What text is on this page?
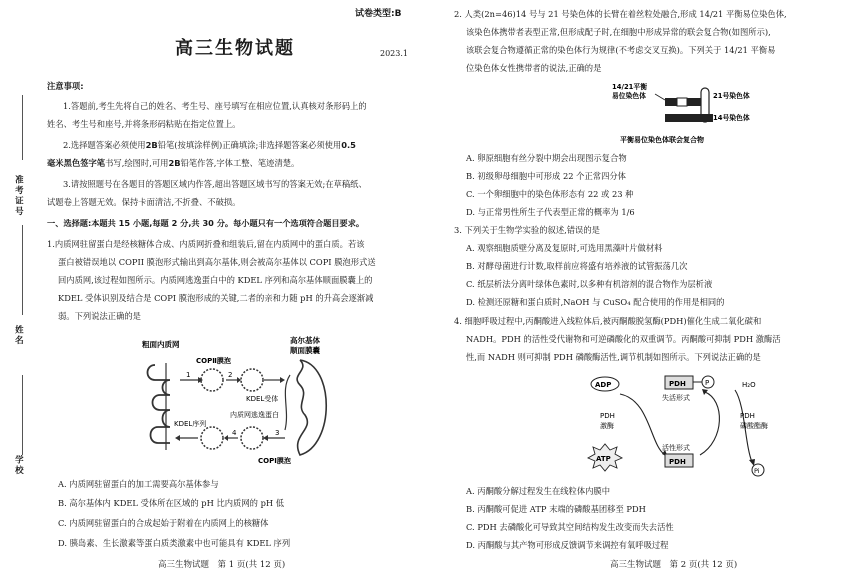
准考证号
姓名
学校
试卷类型:B
高三生物试题	2023.1
注意事项:
1.答题前,考生先将自己的姓名、考生号、座号填写在相应位置,认真核对条形码上的
姓名、考生号和座号,并将条形码粘贴在指定位置上。
2.选择题答案必须使用2B铅笔(按填涂样例)正确填涂;非选择题答案必须使用0.5
毫米黑色签字笔书写,绘图时,可用2B铅笔作答,字体工整、笔迹清楚。
3.请按照题号在各题目的答题区域内作答,超出答题区域书写的答案无效;在草稿纸、
试题卷上答题无效。保持卡面清洁,不折叠、不破损。
一、选择题:本题共 15 小题,每题 2 分,共 30 分。每小题只有一个选项符合题目要求。
1.内质网驻留蛋白是经核糖体合成、内质网折叠和组装后,留在内质网中的蛋白质。若该
蛋白被错误地以 COPII 膜泡形式输出到高尔基体,则会被高尔基体以 COPI 膜泡形式送
回内质网,该过程如图所示。内质网逃逸蛋白中的 KDEL 序列和高尔基体顺面膜囊上的
KDEL 受体识别及结合是 COPI 膜泡形成的关键,二者的亲和力随 pH 的升高会逐渐减
弱。下列说法正确的是
粗面内质网	高尔基体
顺面膜囊
COPⅡ膜泡
1	2
KDEL受体
内质网逃逸蛋白
KDEL序列
3
4
COPⅠ膜泡
A. 内质网驻留蛋白的加工需要高尔基体参与
B. 高尔基体内 KDEL 受体所在区域的 pH 比内质网的 pH 低
C. 内质网驻留蛋白的合成起始于附着在内质网上的核糖体
D. 胰岛素、生长激素等蛋白质类激素中也可能具有 KDEL 序列
高三生物试题　第 1 页(共 12 页)
2. 人类(2n=46)14 号与 21 号染色体的长臂在着丝粒处融合,形成 14/21 平衡易位染色体,
该染色体携带者表型正常,但形成配子时,在细胞中形成异常的联会复合物(如图所示),
该联会复合物遵循正常的染色体行为规律(不考虑交叉互换)。下列关于 14/21 平衡易
位染色体女性携带者的说法,正确的是
14/21平衡
易位染色体	21号染色体
14号染色体
平衡易位染色体联会复合物
A. 卵原细胞有丝分裂中期会出现图示复合物
B. 初级卵母细胞中可形成 22 个正常四分体
C. 一个卵细胞中的染色体形态有 22 或 23 种
D. 与正常男性所生子代表型正常的概率为 1/6
3. 下列关于生物学实验的叙述,错误的是
A. 观察细胞质壁分离及复原时,可选用黑藻叶片做材料
B. 对酵母菌进行计数,取样前应将盛有培养液的试管振荡几次
C. 纸层析法分离叶绿体色素时,以多种有机溶剂的混合物作为层析液
D. 检测还原糖和蛋白质时,NaOH 与 CuSO₄ 配合使用的作用是相同的
4. 细胞呼吸过程中,丙酮酸进入线粒体后,被丙酮酸脱氢酶(PDH)催化生成二氧化碳和
NADH。PDH 的活性受代谢物和可逆磷酸化的双重调节。丙酮酸可抑制 PDH 激酶活
性,而 NADH 则可抑制 PDH 磷酸酶活性,调节机制如图所示。下列说法正确的是
ADP	PDH	P
失活形式
H₂O
PDH
激酶
PDH
磷酸酯酶
活性形式
PDH
ATP
Pi
A. 丙酮酸分解过程发生在线粒体内膜中
B. 丙酮酸可促进 ATP 末端的磷酸基团移至 PDH
C. PDH 去磷酸化可导致其空间结构发生改变而失去活性
D. 丙酮酸与其产物可形成反馈调节来调控有氧呼吸过程
高三生物试题　第 2 页(共 12 页)
